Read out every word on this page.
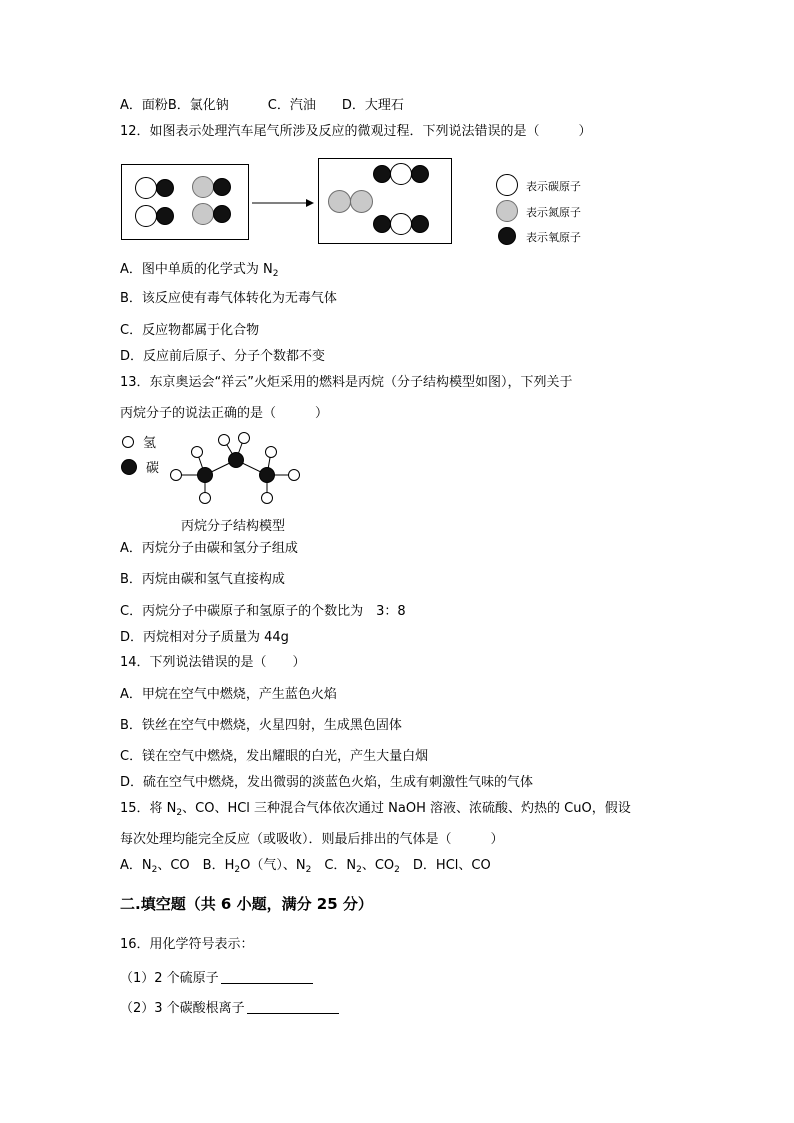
A．面粉B．氯化钠　　　C．汽油　　D．大理石
12．如图表示处理汽车尾气所涉及反应的微观过程．下列说法错误的是（　　　）
表示碳原子
表示氮原子
表示氧原子
A．图中单质的化学式为 $N_2$
B．该反应使有毒气体转化为无毒气体
C．反应物都属于化合物
D．反应前后原子、分子个数都不变
13．东京奥运会“祥云”火炬采用的燃料是丙烷（分子结构模型如图），下列关于
丙烷分子的说法正确的是（　　　）
氢
碳
丙烷分子结构模型
A．丙烷分子由碳和氢分子组成
B．丙烷由碳和氢气直接构成
C．丙烷分子中碳原子和氢原子的个数比为　3：8
D．丙烷相对分子质量为 44g
14．下列说法错误的是（　　）
A．甲烷在空气中燃烧，产生蓝色火焰
B．铁丝在空气中燃烧，火星四射，生成黑色固体
C．镁在空气中燃烧，发出耀眼的白光，产生大量白烟
D．硫在空气中燃烧，发出微弱的淡蓝色火焰，生成有刺激性气味的气体
15．将 $N_2$、CO、HCl 三种混合气体依次通过 NaOH 溶液、浓硫酸、灼热的 CuO，假设
每次处理均能完全反应（或吸收）．则最后排出的气体是（　　　）
A．$N_2$、CO　B．$H_2O$（气）、$N_2$　C．$N_2$、$CO_2$　D．HCl、CO
二.填空题（共 6 小题，满分 25 分）
16．用化学符号表示：
（1）2 个硫原子
（2）3 个碳酸根离子
